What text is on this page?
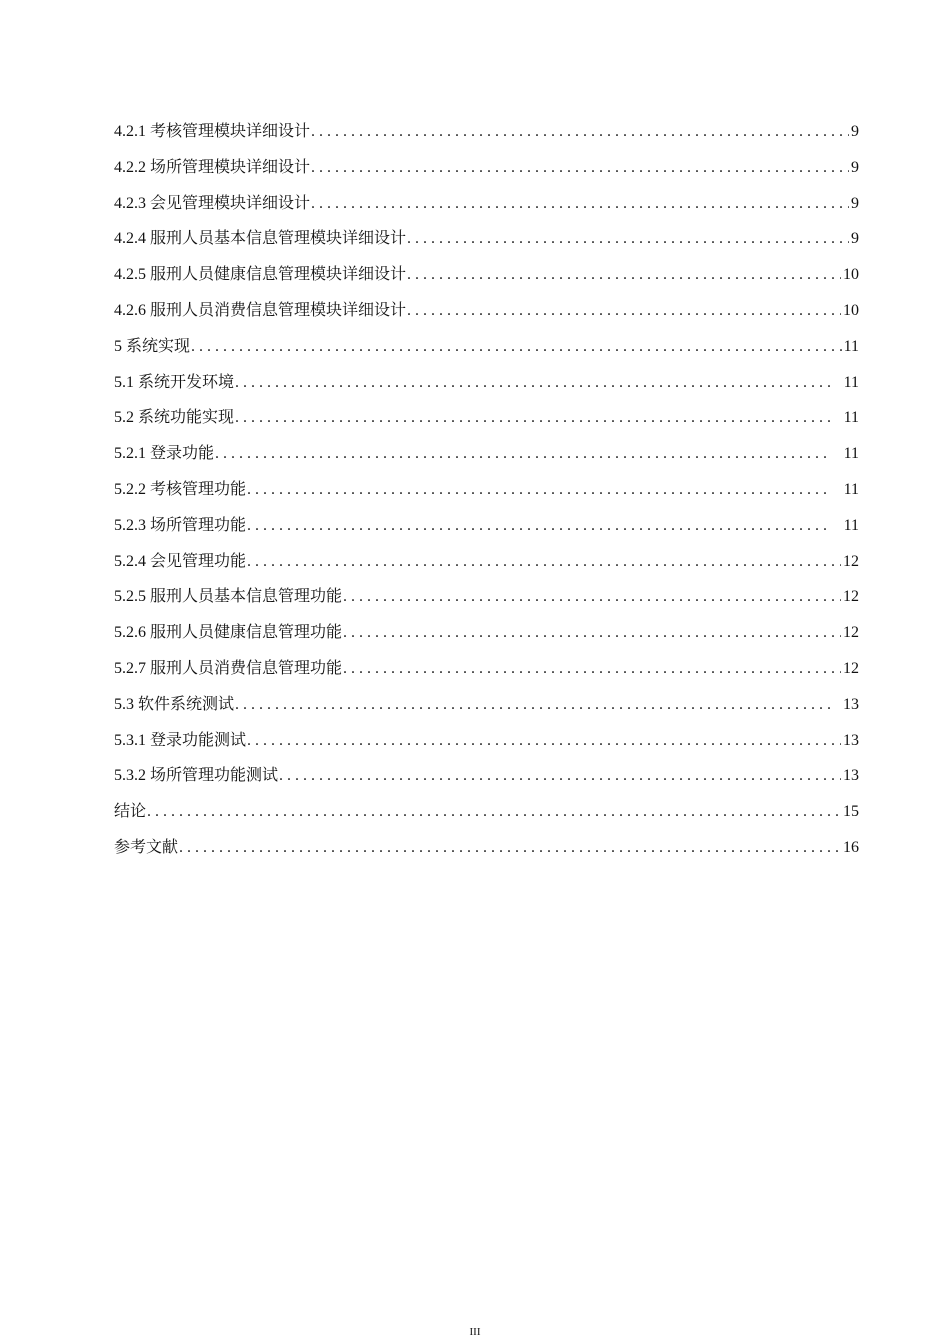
4.2.1 考核管理模块详细设计 . . .	9
4.2.2 场所管理模块详细设计 . . .	9
4.2.3 会见管理模块详细设计 . . .	9
4.2.4 服刑人员基本信息管理模块详细设计 . . .	9
4.2.5 服刑人员健康信息管理模块详细设计 . . .	10
4.2.6 服刑人员消费信息管理模块详细设计 . . .	10
5 系统实现 . . .	11
5.1 系统开发环境 . . .	11
5.2 系统功能实现 . . .	11
5.2.1 登录功能 . . .	11
5.2.2 考核管理功能 . . .	11
5.2.3 场所管理功能 . . .	11
5.2.4 会见管理功能 . . .	12
5.2.5 服刑人员基本信息管理功能 . . .	12
5.2.6 服刑人员健康信息管理功能 . . .	12
5.2.7 服刑人员消费信息管理功能 . . .	12
5.3 软件系统测试 . . .	13
5.3.1 登录功能测试 . . .	13
5.3.2 场所管理功能测试 . . .	13
结论 . . .	15
参考文献 . . .	16
III
